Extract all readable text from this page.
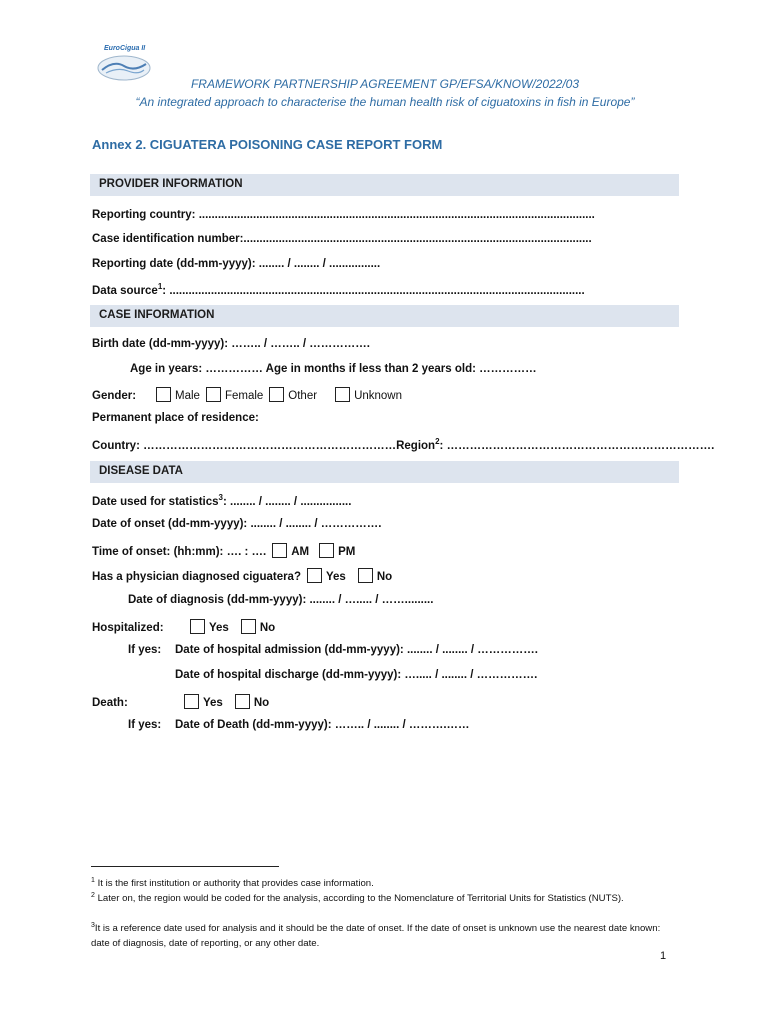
EuroCigua II
FRAMEWORK PARTNERSHIP AGREEMENT GP/EFSA/KNOW/2022/03
“An integrated approach to characterise the human health risk of ciguatoxins in fish in Europe”
Annex 2. CIGUATERA POISONING CASE REPORT FORM
PROVIDER INFORMATION
Reporting country: ............................................................................................................................
Case identification number:.............................................................................................................
Reporting date (dd-mm-yyyy): ........ / ........ / ................
Data source$^1$: ..................................................................................................................................
CASE INFORMATION
Birth date (dd-mm-yyyy): …….. / …….. / …………….
Age in years: …………… Age in months if less than 2 years old: ……………
Gender:	Male Female Other	Unknown
Permanent place of residence:
Country: …………………………………………………………Region$^2$: …………………………………………………………….
DISEASE DATA
Date used for statistics$^3$: ........ / ........ / ................
Date of onset (dd-mm-yyyy): ........ / ........ / …………….
Time of onset: (hh:mm): …. : …. AM	PM
Has a physician diagnosed ciguatera? Yes	No
Date of diagnosis (dd-mm-yyyy): ........ / …..... / …….........
Hospitalized:	Yes	No
If yes: Date of hospital admission (dd-mm-yyyy): ........ / ........ / …………….
Date of hospital discharge (dd-mm-yyyy): …..... / ........ / …………….
Death:	Yes	No
If yes: Date of Death (dd-mm-yyyy): …….. / ........ / ……….……
$^1$ It is the first institution or authority that provides case information.
$^2$ Later on, the region would be coded for the analysis, according to the Nomenclature of Territorial Units for Statistics (NUTS).
$^3$It is a reference date used for analysis and it should be the date of onset. If the date of onset is unknown use the nearest date known: date of diagnosis, date of reporting, or any other date.
1
